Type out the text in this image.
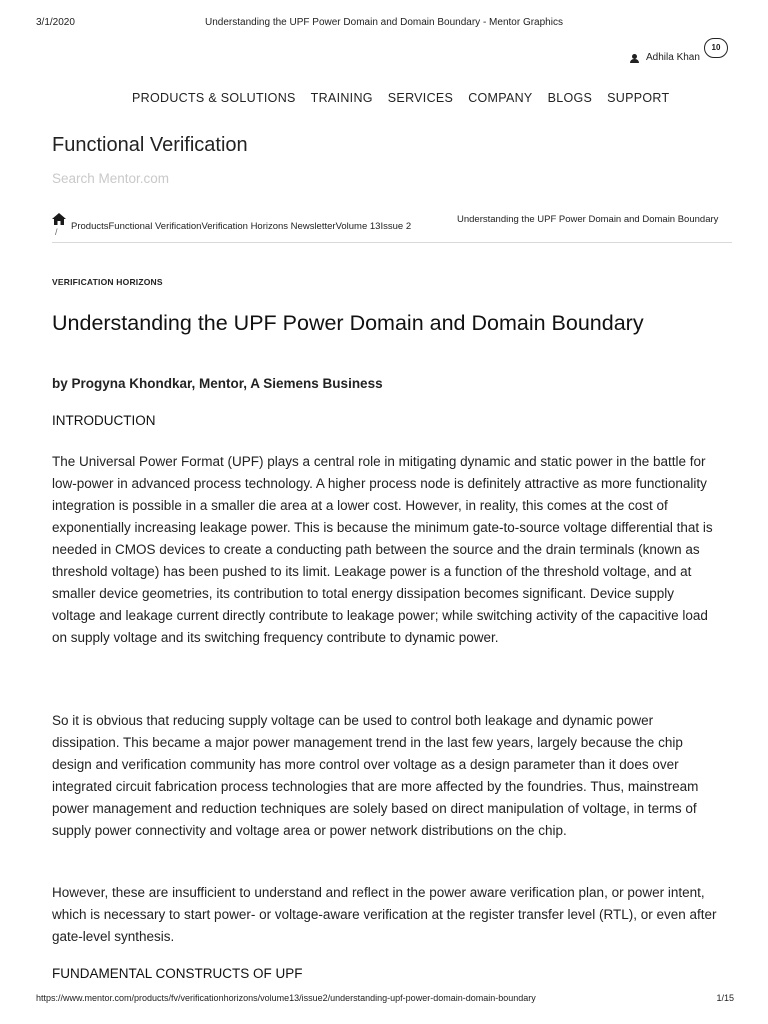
3/1/2020	Understanding the UPF Power Domain and Domain Boundary - Mentor Graphics
Adhila Khan
10
PRODUCTS & SOLUTIONS TRAINING SERVICES COMPANY BLOGS SUPPORT
Functional Verification
Search Mentor.com
/ Products Functional Verification Verification Horizons Newsletter Volume 13 Issue 2
Understanding the UPF Power Domain and Domain Boundary
VERIFICATION HORIZONS
Understanding the UPF Power Domain and Domain Boundary
by Progyna Khondkar, Mentor, A Siemens Business
INTRODUCTION

The Universal Power Format (UPF) plays a central role in mitigating dynamic and static power in the battle for low-power in advanced process technology. A higher process node is definitely attractive as more functionality integration is possible in a smaller die area at a lower cost. However, in reality, this comes at the cost of exponentially increasing leakage power. This is because the minimum gate-to-source voltage differential that is needed in CMOS devices to create a conducting path between the source and the drain terminals (known as threshold voltage) has been pushed to its limit. Leakage power is a function of the threshold voltage, and at smaller device geometries, its contribution to total energy dissipation becomes significant. Device supply voltage and leakage current directly contribute to leakage power; while switching activity of the capacitive load on supply voltage and its switching frequency contribute to dynamic power.

So it is obvious that reducing supply voltage can be used to control both leakage and dynamic power dissipation. This became a major power management trend in the last few years, largely because the chip design and verification community has more control over voltage as a design parameter than it does over integrated circuit fabrication process technologies that are more affected by the foundries. Thus, mainstream power management and reduction techniques are solely based on direct manipulation of voltage, in terms of supply power connectivity and voltage area or power network distributions on the chip.

However, these are insufficient to understand and reflect in the power aware verification plan, or power intent, which is necessary to start power- or voltage-aware verification at the register transfer level (RTL), or even after gate-level synthesis.

FUNDAMENTAL CONSTRUCTS OF UPF
https://www.mentor.com/products/fv/verificationhorizons/volume13/issue2/understanding-upf-power-domain-domain-boundary	1/15
